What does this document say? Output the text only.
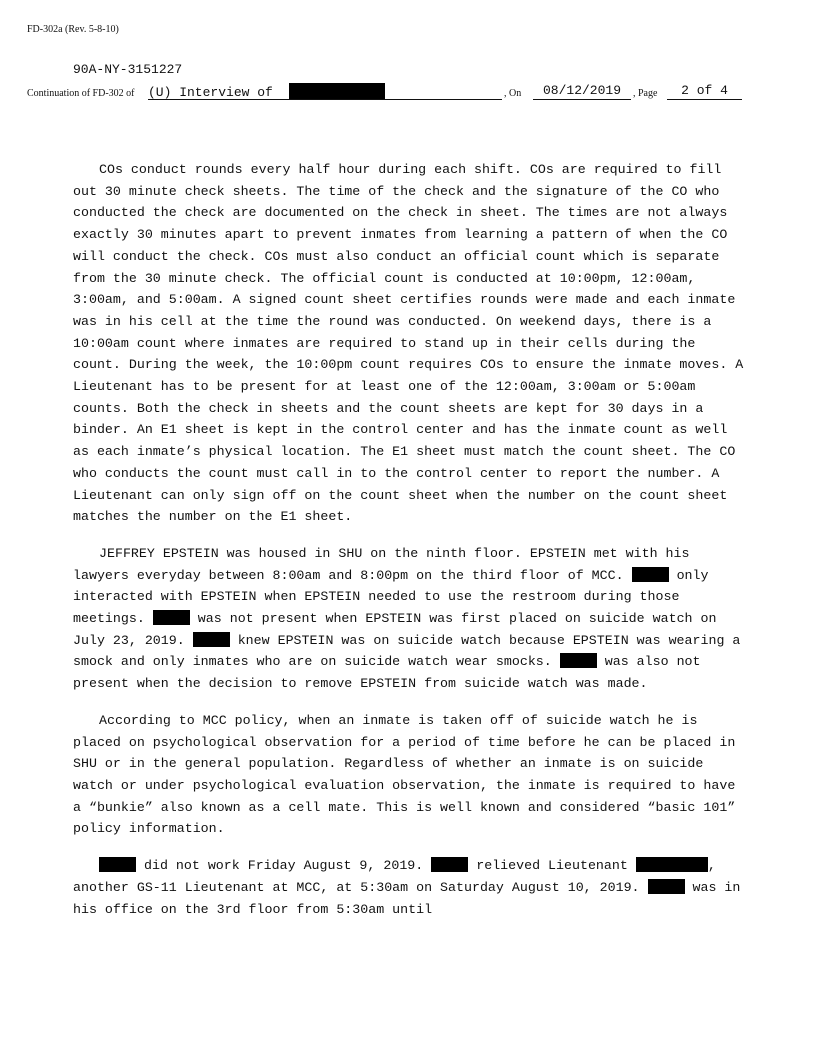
FD-302a (Rev. 5-8-10)
90A-NY-3151227
Continuation of FD-302 of (U) Interview of	, On	08/12/2019	, Page	2 of 4

COs conduct rounds every half hour during each shift. COs are required to fill out 30 minute check sheets. The time of the check and the signature of the CO who conducted the check are documented on the check in sheet. The times are not always exactly 30 minutes apart to prevent inmates from learning a pattern of when the CO will conduct the check. COs must also conduct an official count which is separate from the 30 minute check. The official count is conducted at 10:00pm, 12:00am, 3:00am, and 5:00am. A signed count sheet certifies rounds were made and each inmate was in his cell at the time the round was conducted. On weekend days, there is a 10:00am count where inmates are required to stand up in their cells during the count. During the week, the 10:00pm count requires COs to ensure the inmate moves. A Lieutenant has to be present for at least one of the 12:00am, 3:00am or 5:00am counts. Both the check in sheets and the count sheets are kept for 30 days in a binder. An E1 sheet is kept in the control center and has the inmate count as well as each inmate’s physical location. The E1 sheet must match the count sheet. The CO who conducts the count must call in to the control center to report the number. A Lieutenant can only sign off on the count sheet when the number on the count sheet matches the number on the E1 sheet.

JEFFREY EPSTEIN was housed in SHU on the ninth floor. EPSTEIN met with his lawyers everyday between 8:00am and 8:00pm on the third floor of MCC.	only interacted with EPSTEIN when EPSTEIN needed to use the restroom during those meetings.	was not present when EPSTEIN was first placed on suicide watch on July 23, 2019.	knew EPSTEIN was on suicide watch because EPSTEIN was wearing a smock and only inmates who are on suicide watch wear smocks.	was also not present when the decision to remove EPSTEIN from suicide watch was made.

According to MCC policy, when an inmate is taken off of suicide watch he is placed on psychological observation for a period of time before he can be placed in SHU or in the general population. Regardless of whether an inmate is on suicide watch or under psychological evaluation observation, the inmate is required to have a “bunkie” also known as a cell mate. This is well known and considered “basic 101” policy information.

did not work Friday August 9, 2019.	relieved Lieutenant	, another GS-11 Lieutenant at MCC, at 5:30am on Saturday August 10, 2019.	was in his office on the 3rd floor from 5:30am until
